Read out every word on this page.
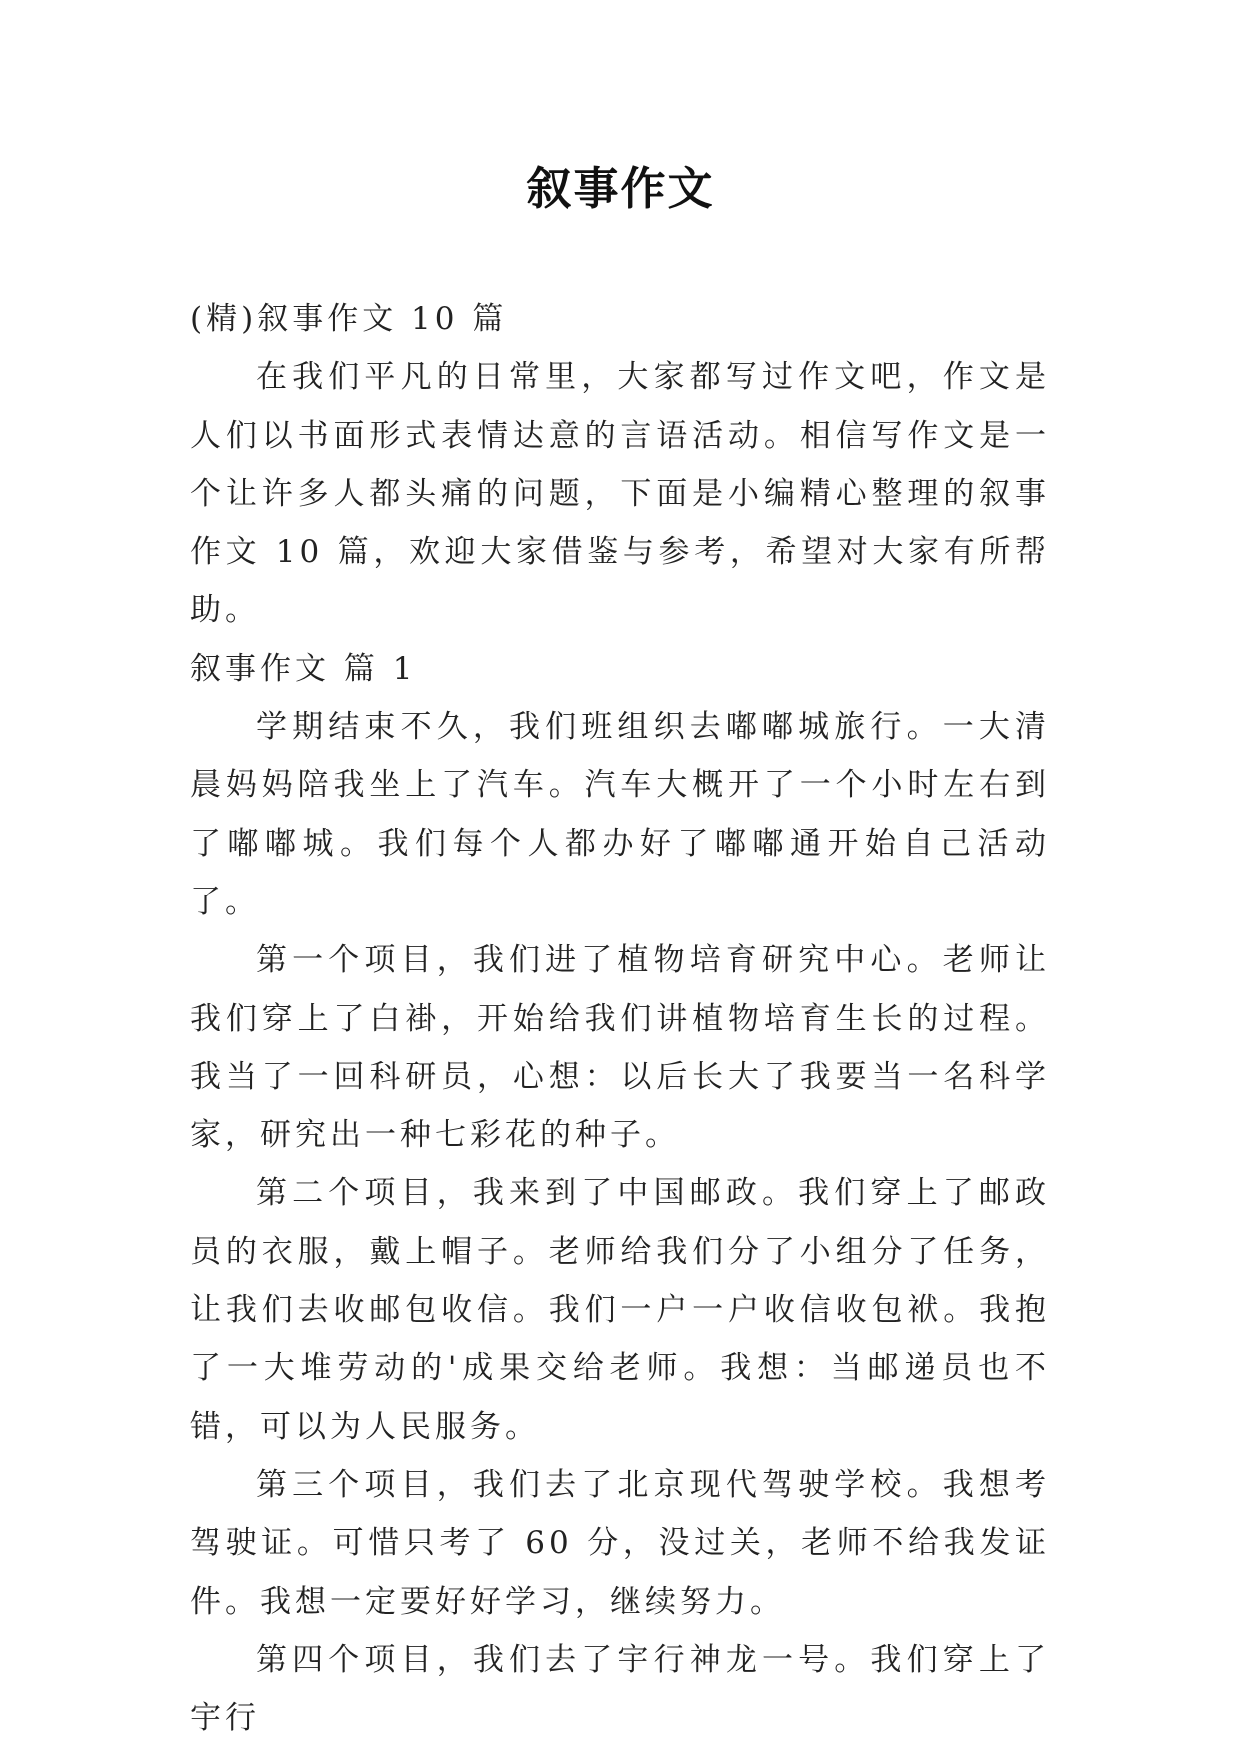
叙事作文

(精)叙事作文 10 篇

在我们平凡的日常里，大家都写过作文吧，作文是人们以书面形式表情达意的言语活动。相信写作文是一个让许多人都头痛的问题，下面是小编精心整理的叙事作文 10 篇，欢迎大家借鉴与参考，希望对大家有所帮助。

叙事作文 篇 1

学期结束不久，我们班组织去嘟嘟城旅行。一大清晨妈妈陪我坐上了汽车。汽车大概开了一个小时左右到了嘟嘟城。我们每个人都办好了嘟嘟通开始自己活动了。

第一个项目，我们进了植物培育研究中心。老师让我们穿上了白褂，开始给我们讲植物培育生长的过程。我当了一回科研员，心想：以后长大了我要当一名科学家，研究出一种七彩花的种子。

第二个项目，我来到了中国邮政。我们穿上了邮政员的衣服，戴上帽子。老师给我们分了小组分了任务，让我们去收邮包收信。我们一户一户收信收包袱。我抱了一大堆劳动的'成果交给老师。我想：当邮递员也不错，可以为人民服务。

第三个项目，我们去了北京现代驾驶学校。我想考驾驶证。可惜只考了 60 分，没过关，老师不给我发证件。我想一定要好好学习，继续努力。

第四个项目，我们去了宇行神龙一号。我们穿上了宇行
